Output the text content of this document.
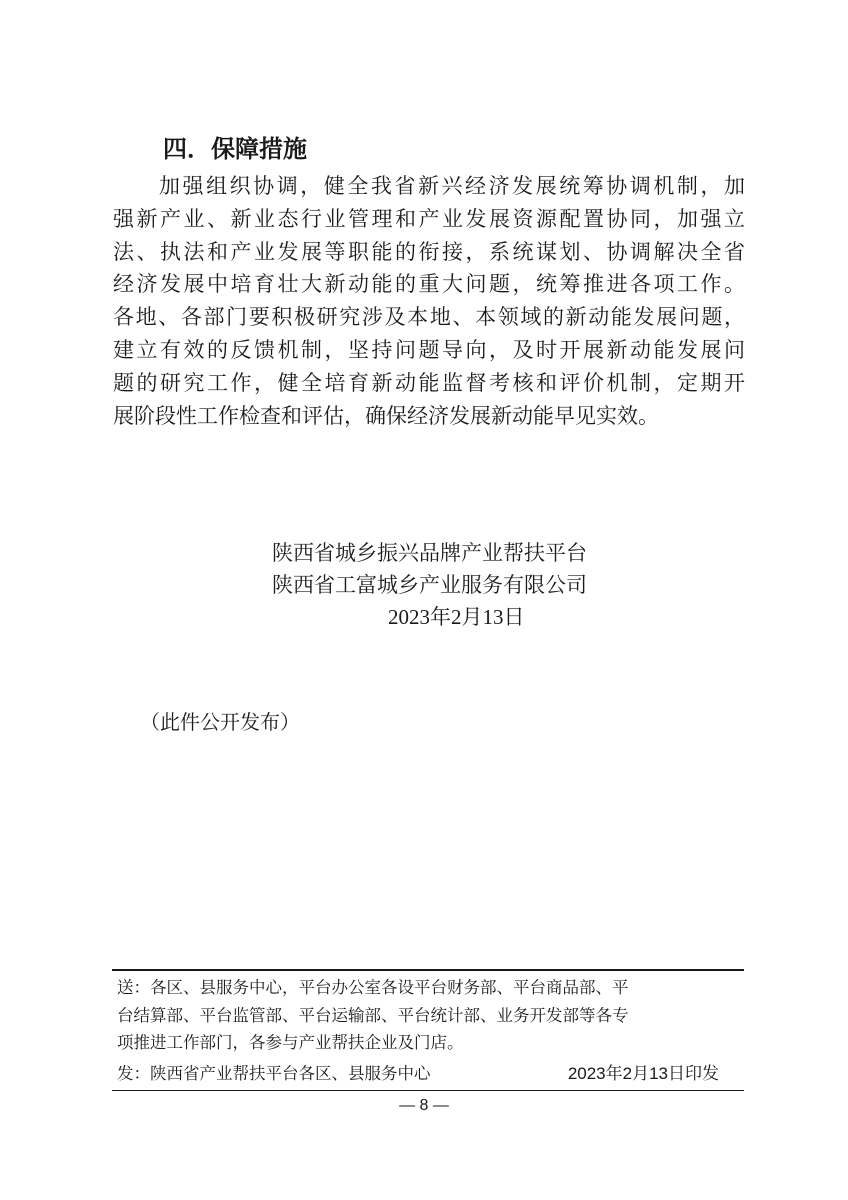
四．保障措施
加强组织协调，健全我省新兴经济发展统筹协调机制，加
强新产业、新业态行业管理和产业发展资源配置协同，加强立
法、执法和产业发展等职能的衔接，系统谋划、协调解决全省
经济发展中培育壮大新动能的重大问题，统筹推进各项工作。
各地、各部门要积极研究涉及本地、本领域的新动能发展问题，
建立有效的反馈机制，坚持问题导向，及时开展新动能发展问
题的研究工作，健全培育新动能监督考核和评价机制，定期开
展阶段性工作检查和评估，确保经济发展新动能早见实效。
陕西省城乡振兴品牌产业帮扶平台
陕西省工富城乡产业服务有限公司
2023年2月13日
（此件公开发布）
送：各区、县服务中心，平台办公室各设平台财务部、平台商品部、平
台结算部、平台监管部、平台运输部、平台统计部、业务开发部等各专
项推进工作部门，各参与产业帮扶企业及门店。
发：陕西省产业帮扶平台各区、县服务中心	2023年2月13日印发
— 8 —
